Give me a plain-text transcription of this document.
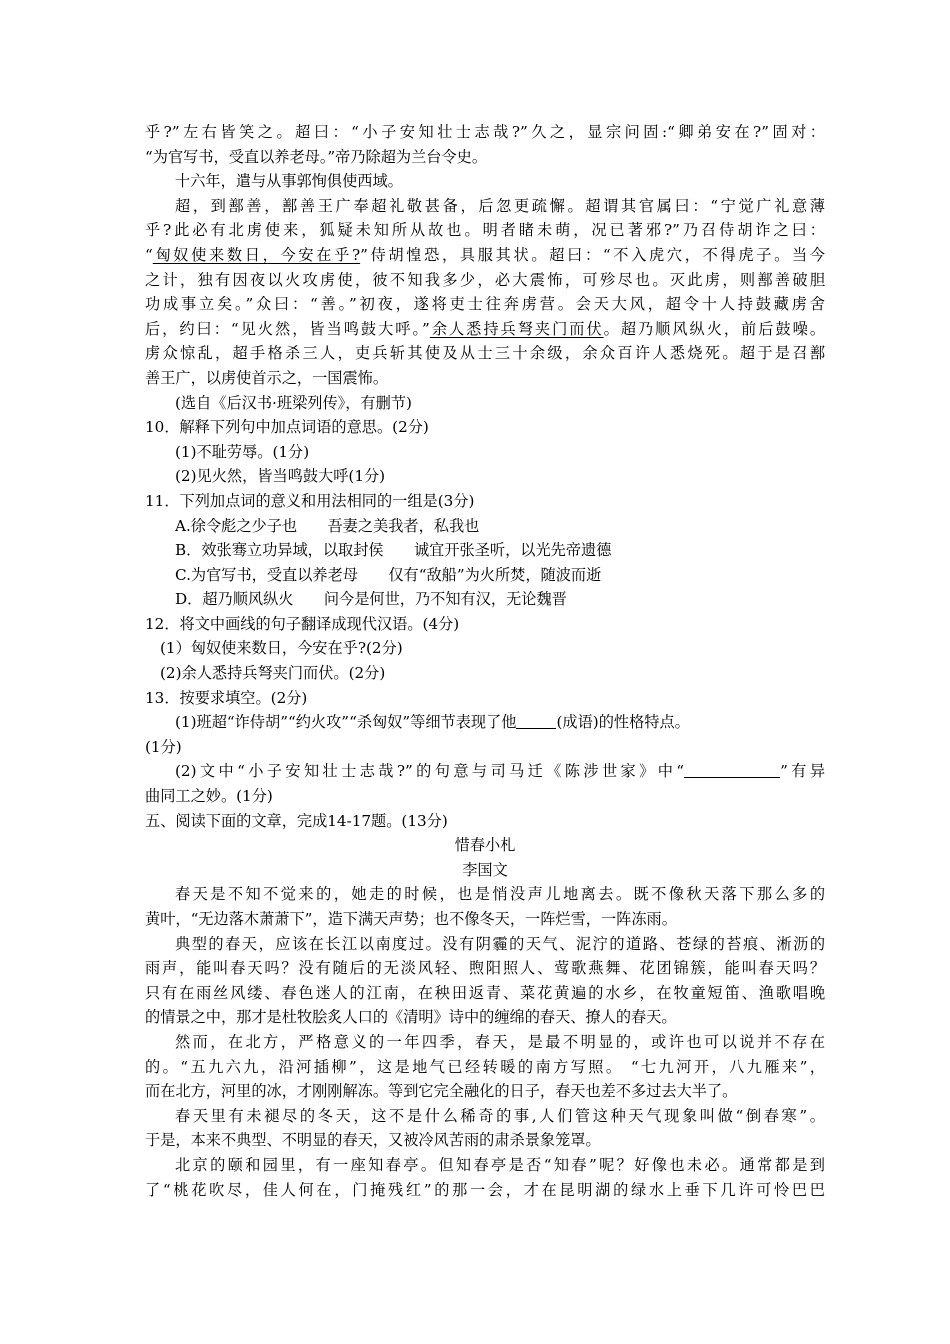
乎?”左右皆笑之。超曰：“小子安知壮士志哉?”久之，显宗问固:“卿弟安在?”固对：
“为官写书，受直以养老母。”帝乃除超为兰台令史。
十六年，遣与从事郭恂俱使西域。
超，到鄯善，鄯善王广奉超礼敬甚备，后忽更疏懈。超谓其官属曰：“宁觉广礼意薄
乎?此必有北虏使来，狐疑未知所从故也。明者睹未萌，况已著邪?”乃召侍胡诈之曰：
“匈奴使来数日，今安在乎?”侍胡惶恐，具服其状。超曰：“不入虎穴，不得虎子。当今
之计，独有因夜以火攻虏使，彼不知我多少，必大震怖，可殄尽也。灭此虏，则鄯善破胆
功成事立矣。”众曰：“善。”初夜，遂将吏士往奔虏营。会天大风，超令十人持鼓藏虏舍
后，约曰：“见火然，皆当鸣鼓大呼。”余人悉持兵弩夹门而伏。超乃顺风纵火，前后鼓噪。
虏众惊乱，超手格杀三人，吏兵斩其使及从士三十余级，余众百许人悉烧死。超于是召鄯
善王广，以虏使首示之，一国震怖。
(选自《后汉书·班梁列传》，有删节)
10．解释下列句中加点词语的意思。(2分)
(1)不耻劳辱。(1分)
(2)见火然，皆当鸣鼓大呼(1分)
11．下列加点词的意义和用法相同的一组是(3分)
A.徐令彪之少子也　　吾妻之美我者，私我也
B．效张骞立功异域，以取封侯　　诚宜开张圣听，以光先帝遗德
C.为官写书，受直以养老母　　仅有“敌船”为火所焚，随波而逝
D．超乃顺风纵火　　问今是何世，乃不知有汉，无论魏晋
12．将文中画线的句子翻译成现代汉语。(4分)
(1）匈奴使来数日，今安在乎?(2分)
(2)余人悉持兵弩夹门而伏。(2分)
13．按要求填空。(2分)
(1)班超“诈侍胡”“约火攻”“杀匈奴”等细节表现了他	(成语)的性格特点。
(1分)
(2)文中“小子安知壮士志哉?”的句意与司马迁《陈涉世家》中“	”有异
曲同工之妙。(1分)
五、阅读下面的文章，完成14-17题。(13分)
惜春小札
李国文
春天是不知不觉来的，她走的时候，也是悄没声儿地离去。既不像秋天落下那么多的
黄叶，“无边落木萧萧下”，造下满天声势；也不像冬天，一阵烂雪，一阵冻雨。
典型的春天，应该在长江以南度过。没有阴霾的天气、泥泞的道路、苍绿的苔痕、淅沥的
雨声，能叫春天吗？没有随后的无淡风轻、煦阳照人、莺歌燕舞、花团锦簇，能叫春天吗？
只有在雨丝风缕、春色迷人的江南，在秧田返青、菜花黄遍的水乡，在牧童短笛、渔歌唱晚
的情景之中，那才是杜牧脍炙人口的《清明》诗中的缠绵的春天、撩人的春天。
然而，在北方，严格意义的一年四季，春天，是最不明显的，或许也可以说并不存在
的。“五九六九，沿河插柳”，这是地气已经转暖的南方写照。 “七九河开，八九雁来”，
而在北方，河里的冰，才刚刚解冻。等到它完全融化的日子，春天也差不多过去大半了。
春天里有未褪尽的冬天，这不是什么稀奇的事,人们管这种天气现象叫做“倒春寒”。
于是，本来不典型、不明显的春天，又被冷风苦雨的肃杀景象笼罩。
北京的颐和园里，有一座知春亭。但知春亭是否“知春”呢？好像也未必。通常都是到
了“桃花吹尽，佳人何在，门掩残红”的那一会，才在昆明湖的绿水上垂下几许可怜巴巴
